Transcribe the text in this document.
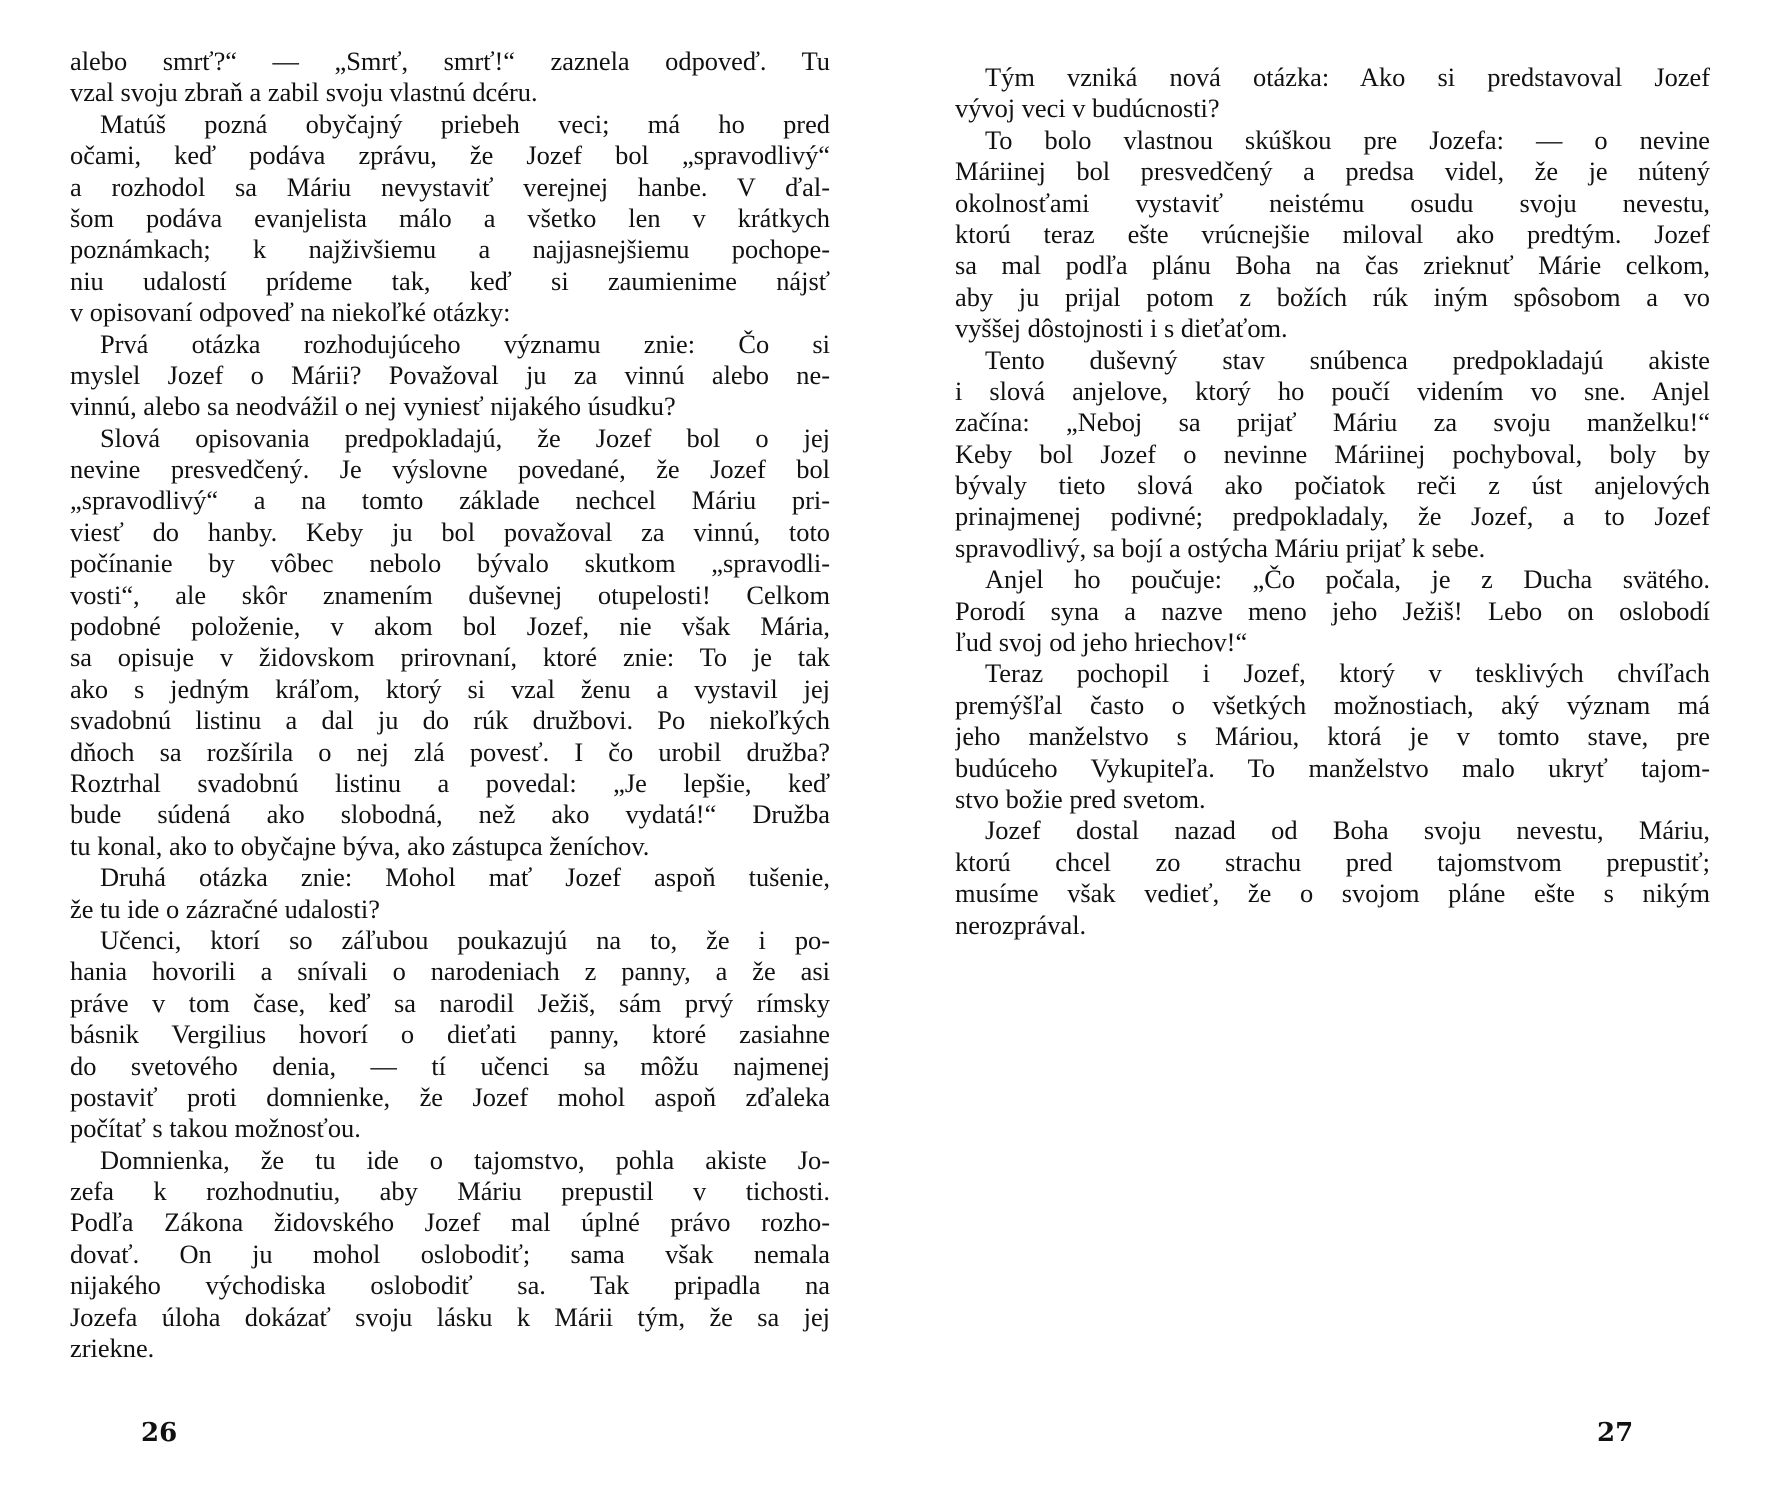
alebo smrť?“ — „Smrť, smrť!“ zaznela odpoveď. Tu
vzal svoju zbraň a zabil svoju vlastnú dcéru.
Matúš pozná obyčajný priebeh veci; má ho pred
očami, keď podáva zprávu, že Jozef bol „spravodlivý“
a rozhodol sa Máriu nevystaviť verejnej hanbe. V ďal-
šom podáva evanjelista málo a všetko len v krátkych
poznámkach; k najživšiemu a najjasnejšiemu pochope-
niu udalostí prídeme tak, keď si zaumienime nájsť
v opisovaní odpoveď na niekoľké otázky:
Prvá otázka rozhodujúceho významu znie: Čo si
myslel Jozef o Márii? Považoval ju za vinnú alebo ne-
vinnú, alebo sa neodvážil o nej vyniesť nijakého úsudku?
Slová opisovania predpokladajú, že Jozef bol o jej
nevine presvedčený. Je výslovne povedané, že Jozef bol
„spravodlivý“ a na tomto základe nechcel Máriu pri-
viesť do hanby. Keby ju bol považoval za vinnú, toto
počínanie by vôbec nebolo bývalo skutkom „spravodli-
vosti“, ale skôr znamením duševnej otupelosti! Celkom
podobné položenie, v akom bol Jozef, nie však Mária,
sa opisuje v židovskom prirovnaní, ktoré znie: To je tak
ako s jedným kráľom, ktorý si vzal ženu a vystavil jej
svadobnú listinu a dal ju do rúk družbovi. Po niekoľkých
dňoch sa rozšírila o nej zlá povesť. I čo urobil družba?
Roztrhal svadobnú listinu a povedal: „Je lepšie, keď
bude súdená ako slobodná, než ako vydatá!“ Družba
tu konal, ako to obyčajne býva, ako zástupca ženíchov.
Druhá otázka znie: Mohol mať Jozef aspoň tušenie,
že tu ide o zázračné udalosti?
Učenci, ktorí so záľubou poukazujú na to, že i po-
hania hovorili a snívali o narodeniach z panny, a že asi
práve v tom čase, keď sa narodil Ježiš, sám prvý rímsky
básnik Vergilius hovorí o dieťati panny, ktoré zasiahne
do svetového denia, — tí učenci sa môžu najmenej
postaviť proti domnienke, že Jozef mohol aspoň zďaleka
počítať s takou možnosťou.
Domnienka, že tu ide o tajomstvo, pohla akiste Jo-
zefa k rozhodnutiu, aby Máriu prepustil v tichosti.
Podľa Zákona židovského Jozef mal úplné právo rozho-
dovať. On ju mohol oslobodiť; sama však nemala
nijakého východiska oslobodiť sa. Tak pripadla na
Jozefa úloha dokázať svoju lásku k Márii tým, že sa jej
zriekne.
26
Tým vzniká nová otázka: Ako si predstavoval Jozef
vývoj veci v budúcnosti?
To bolo vlastnou skúškou pre Jozefa: — o nevine
Máriinej bol presvedčený a predsa videl, že je nútený
okolnosťami vystaviť neistému osudu svoju nevestu,
ktorú teraz ešte vrúcnejšie miloval ako predtým. Jozef
sa mal podľa plánu Boha na čas zrieknuť Márie celkom,
aby ju prijal potom z božích rúk iným spôsobom a vo
vyššej dôstojnosti i s dieťaťom.
Tento duševný stav snúbenca predpokladajú akiste
i slová anjelove, ktorý ho poučí videním vo sne. Anjel
začína: „Neboj sa prijať Máriu za svoju manželku!“
Keby bol Jozef o nevinne Máriinej pochyboval, boly by
bývaly tieto slová ako počiatok reči z úst anjelových
prinajmenej podivné; predpokladaly, že Jozef, a to Jozef
spravodlivý, sa bojí a ostýcha Máriu prijať k sebe.
Anjel ho poučuje: „Čo počala, je z Ducha svätého.
Porodí syna a nazve meno jeho Ježiš! Lebo on oslobodí
ľud svoj od jeho hriechov!“
Teraz pochopil i Jozef, ktorý v tesklivých chvíľach
premýšľal často o všetkých možnostiach, aký význam má
jeho manželstvo s Máriou, ktorá je v tomto stave, pre
budúceho Vykupiteľa. To manželstvo malo ukryť tajom-
stvo božie pred svetom.
Jozef dostal nazad od Boha svoju nevestu, Máriu,
ktorú chcel zo strachu pred tajomstvom prepustiť;
musíme však vedieť, že o svojom pláne ešte s nikým
nerozprával.
27
